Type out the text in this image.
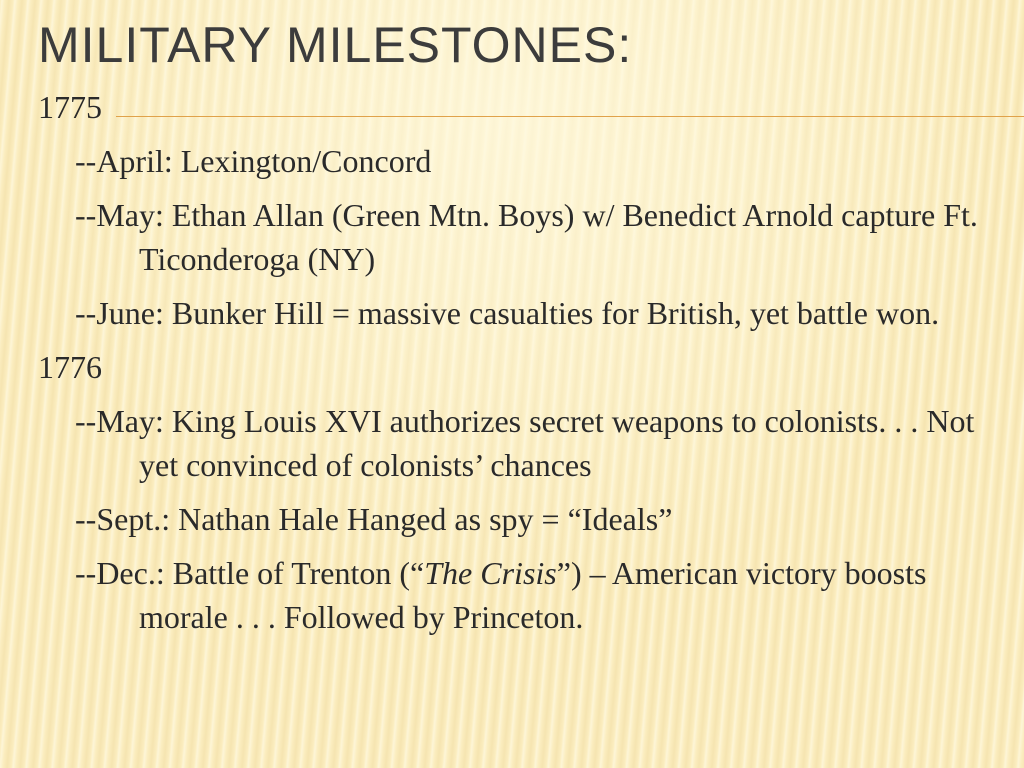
MILITARY MILESTONES:

1775

--April: Lexington/Concord

--May: Ethan Allan (Green Mtn. Boys) w/ Benedict Arnold capture Ft. Ticonderoga (NY)

--June: Bunker Hill = massive casualties for British, yet battle won.

1776

--May: King Louis XVI authorizes secret weapons to colonists. . . Not yet convinced of colonists’ chances

--Sept.: Nathan Hale Hanged as spy = “Ideals”

--Dec.: Battle of Trenton (“The Crisis”) – American victory boosts morale . . . Followed by Princeton.
